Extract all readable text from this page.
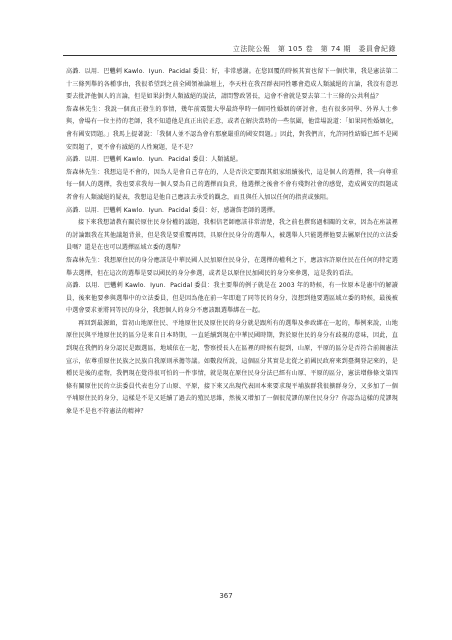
立法院公報　第 105 卷　第 74 期　委員會紀錄

高潞．以用．巴魕剌 Kawlo．Iyun．Pacidal 委員：好，非常感謝。在您回覆的時候其實也留下一個伏筆，我是憲法第二十三條列舉的各種事由，我很希望到之前全國領袖論壇上，李天柱在我召群表同性哪會造成人類滅絕的言論，我沒有意思要去批評他個人的言論，但是如果針對人類滅絕的說法，請問警政署長，這會不會就是要去第二十三條的公共利益？

詹森林先生：我說一個真正發生的事情，幾年前震驚大學最終學時一個同性婚姻的研討會，也有很多同學、外界人士參與，會場有一位主持的老師，我不知道他是真正出於正意，或者在解決當時的一些氛圍，他當場說道：「如果同性婚姻化，會有國安問題。」我馬上提著說：「我個人並不認為會有那麼嚴重的國安問題。」因此，對我們言，允許同性結婚已經不是國安問題了，更不會有滅絕的人性窺題，是不是？

高潞．以用．巴魕剌 Kawlo．Iyun．Pacidal 委員：人類滅絕。

詹森林先生：我想這是不會的，因為人是會自己存在的，人是否決定要跟其組家組續後代，這是個人的選擇，我一向尊重每一個人的選擇，我也要求我每一個人要為自己的選擇而負責，他選擇之後會不會有殘對社會的感覺，造成國安的問題或者會有人類滅絕的疑表，我想這是他自己應該去承受的觀念，而且與任入加以任何的指責或強阻。

高潞．以用．巴魕剌 Kawlo．Iyun．Pacidal 委員：好，感謝詹老師的選擇。

接下來我想請教有關於原住民身份權的議題，我相信老師應該非常清楚，我之前也撰寫過相關的文章，因為在座談裡的討論跟我在其他議題背景，但是我是要重覆再問，具原住民身分的選舉人，被選舉人只能選擇他要去屬原住民的立法委員嗎？還是在也可以選擇區域立委的選舉？

詹森林先生：我想原住民的身分應該是中華民國人民加原住民身分，在選擇的權利之下，應該容許原住民在任何的特定選舉去選擇，但在這次的選舉是要以國民的身分參選，或者是以原住民加國民的身分來參選，這是我的看法。

高潞．以用．巴魕剌 Kawlo．Iyun．Pacidal 委員：我主要舉的例子就是在 2003 年的時候，有一位原本是憲中的解讀員，後來他要參與選舉中的立法委員，但是因為他在前一年即進了同等民的身分，沒想到他要選區域立委的時候，最後被中選會要求並將同等民的身分，我想個人的身分不應該跟選舉綁在一起。

再回到最源頭，當初山地原住民、平地原住民及原住民的身分就是跟所有的選舉及參政綁在一起的，舉例來說，山地原住民與平地原住民的區分是來自日本時期，一直延續到現在中華民國時期，對於原住民的身分有歧視的意味，因此，直到現在我們的身分認民是跟選區，地域依在一起，警察授長人在區裡的時候有提到，山原，平原的區分是否符合前揭憲法宣示，依尊重原住民族之民族自我原則承擔等議。如數段所說，這個區分其實是北從之前國民政府來到臺灣登記來的，是種民是後的產物，我們現在覺得很可怕的一件事情，就是現在原住民身分法已經有山原、平原的區分，憲法增修條文第四條有關原住民的立法委員代表也分了山原、平原，接下來又出現代表固本來要求現平埔族群我很擴群身分，又多加了一個平埔原住民的身分，這樣是不是又延續了過去的殖民思維，然後又增加了一個很荒謬的原住民身分？你認為這樣的荒謬現象是不是也不符憲法的精神？

367
